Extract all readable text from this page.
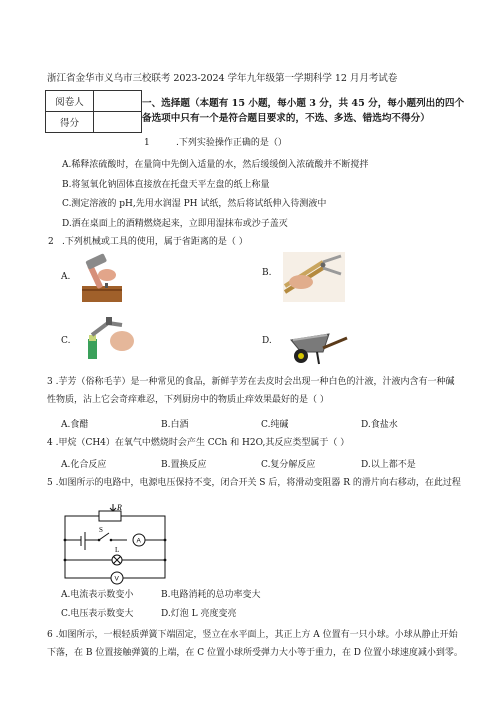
浙江省金华市义乌市三校联考 2023-2024 学年九年级第一学期科学 12 月月考试卷
阅卷人	
得分	
一、选择题（本题有 15 小题，每小题 3 分，共 45 分，每小题列出的四个
备选项中只有一个是符合题目要求的，不选、多选、错选均不得分）
1	.下列实验操作正确的是（）
A.稀释浓硫酸时，在量筒中先倒入适量的水，然后缓缓倒入浓硫酸并不断搅拌
B.将氢氧化钠固体直接放在托盘天平左盘的纸上称量
C.测定溶液的 pH,先用水润湿 PH 试纸，然后将试纸伸入待测液中
D.洒在桌面上的酒精燃烧起来，立即用湿抹布或沙子盖灭
2 .下列机械或工具的使用，属于省距离的是（ ）
A.	B.
C.	D.
3 .芋芳（俗称毛芋）是一种常见的食品，新鲜芋芳在去皮时会出现一种白色的汁液，汁液内含有一种碱
性物质，沾上它会奇痒难忍，下列厨房中的物质止痒效果最好的是（ ）
A.食醋	B.白酒	C.纯碱	D.食盐水
4 .甲烷（CH4）在氧气中燃烧时会产生 CCh 和 H2O,其反应类型属于（ ）
A.化合反应	B.置换反应	C.复分解反应	D.以上都不是
5 .如图所示的电路中，电源电压保持不变，闭合开关 S 后，将滑动变阻器 R 的滑片向右移动，在此过程
R
S
L
A
V
A.电流表示数变小	B.电路消耗的总功率变大
C.电压表示数变大	D.灯泡 L 亮度变亮
6 .如图所示，一根轻质弹簧下端固定，竖立在水平面上，其正上方 A 位置有一只小球。小球从静止开始
下落，在 B 位置接触弹簧的上端，在 C 位置小球所受弹力大小等于重力，在 D 位置小球速度减小到零。
